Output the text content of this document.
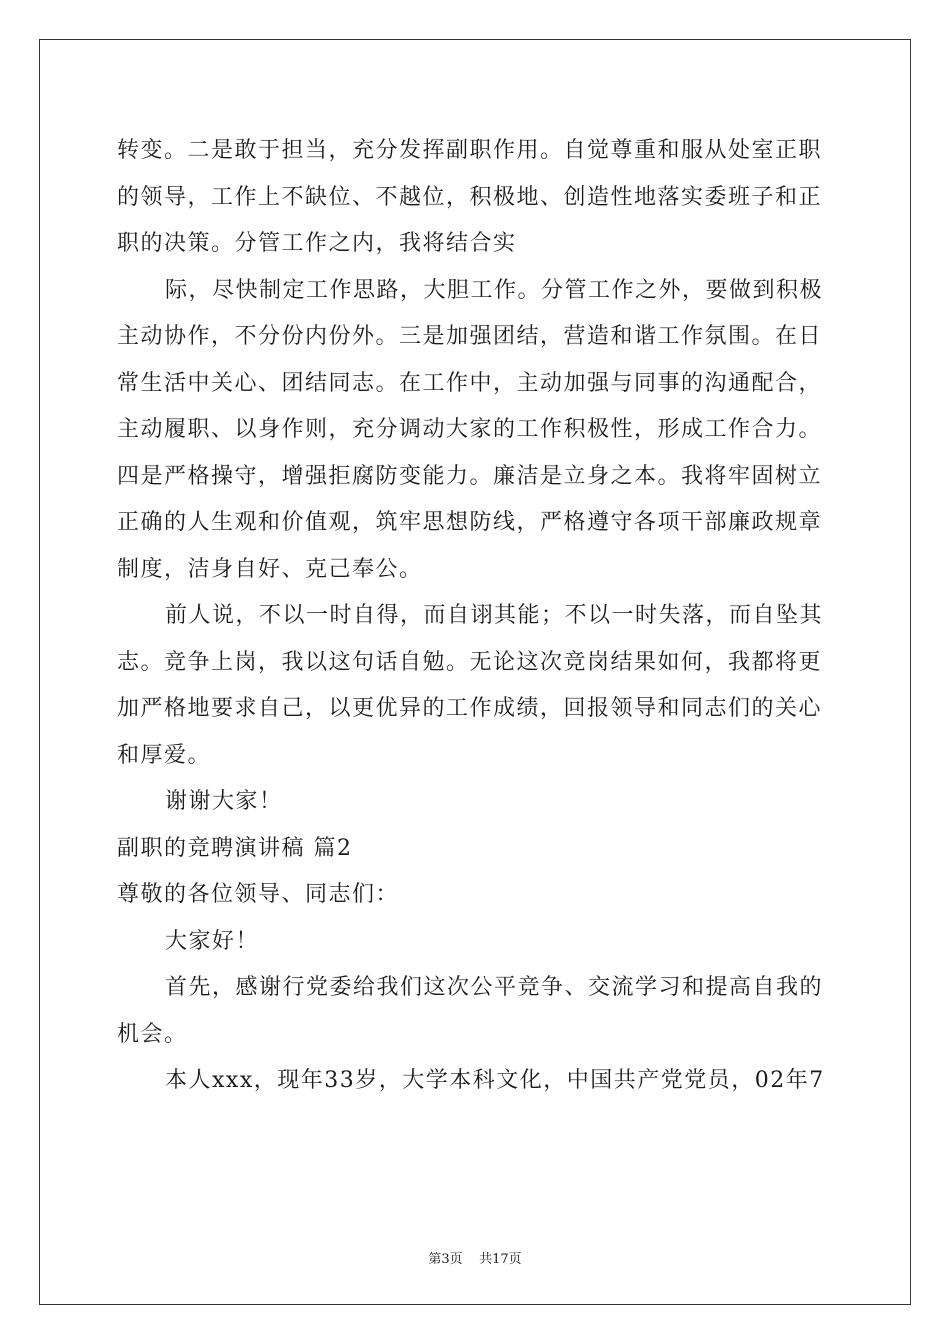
转变。二是敢于担当，充分发挥副职作用。自觉尊重和服从处室正职
的领导，工作上不缺位、不越位，积极地、创造性地落实委班子和正
职的决策。分管工作之内，我将结合实
际，尽快制定工作思路，大胆工作。分管工作之外，要做到积极
主动协作，不分份内份外。三是加强团结，营造和谐工作氛围。在日
常生活中关心、团结同志。在工作中，主动加强与同事的沟通配合，
主动履职、以身作则，充分调动大家的工作积极性，形成工作合力。
四是严格操守，增强拒腐防变能力。廉洁是立身之本。我将牢固树立
正确的人生观和价值观，筑牢思想防线，严格遵守各项干部廉政规章
制度，洁身自好、克己奉公。
前人说，不以一时自得，而自诩其能；不以一时失落，而自坠其
志。竞争上岗，我以这句话自勉。无论这次竞岗结果如何，我都将更
加严格地要求自己，以更优异的工作成绩，回报领导和同志们的关心
和厚爱。
谢谢大家！
副职的竞聘演讲稿 篇2
尊敬的各位领导、同志们：
大家好！
首先，感谢行党委给我们这次公平竞争、交流学习和提高自我的
机会。
本人xxx，现年33岁，大学本科文化，中国共产党党员，02年7
第3页 共17页
